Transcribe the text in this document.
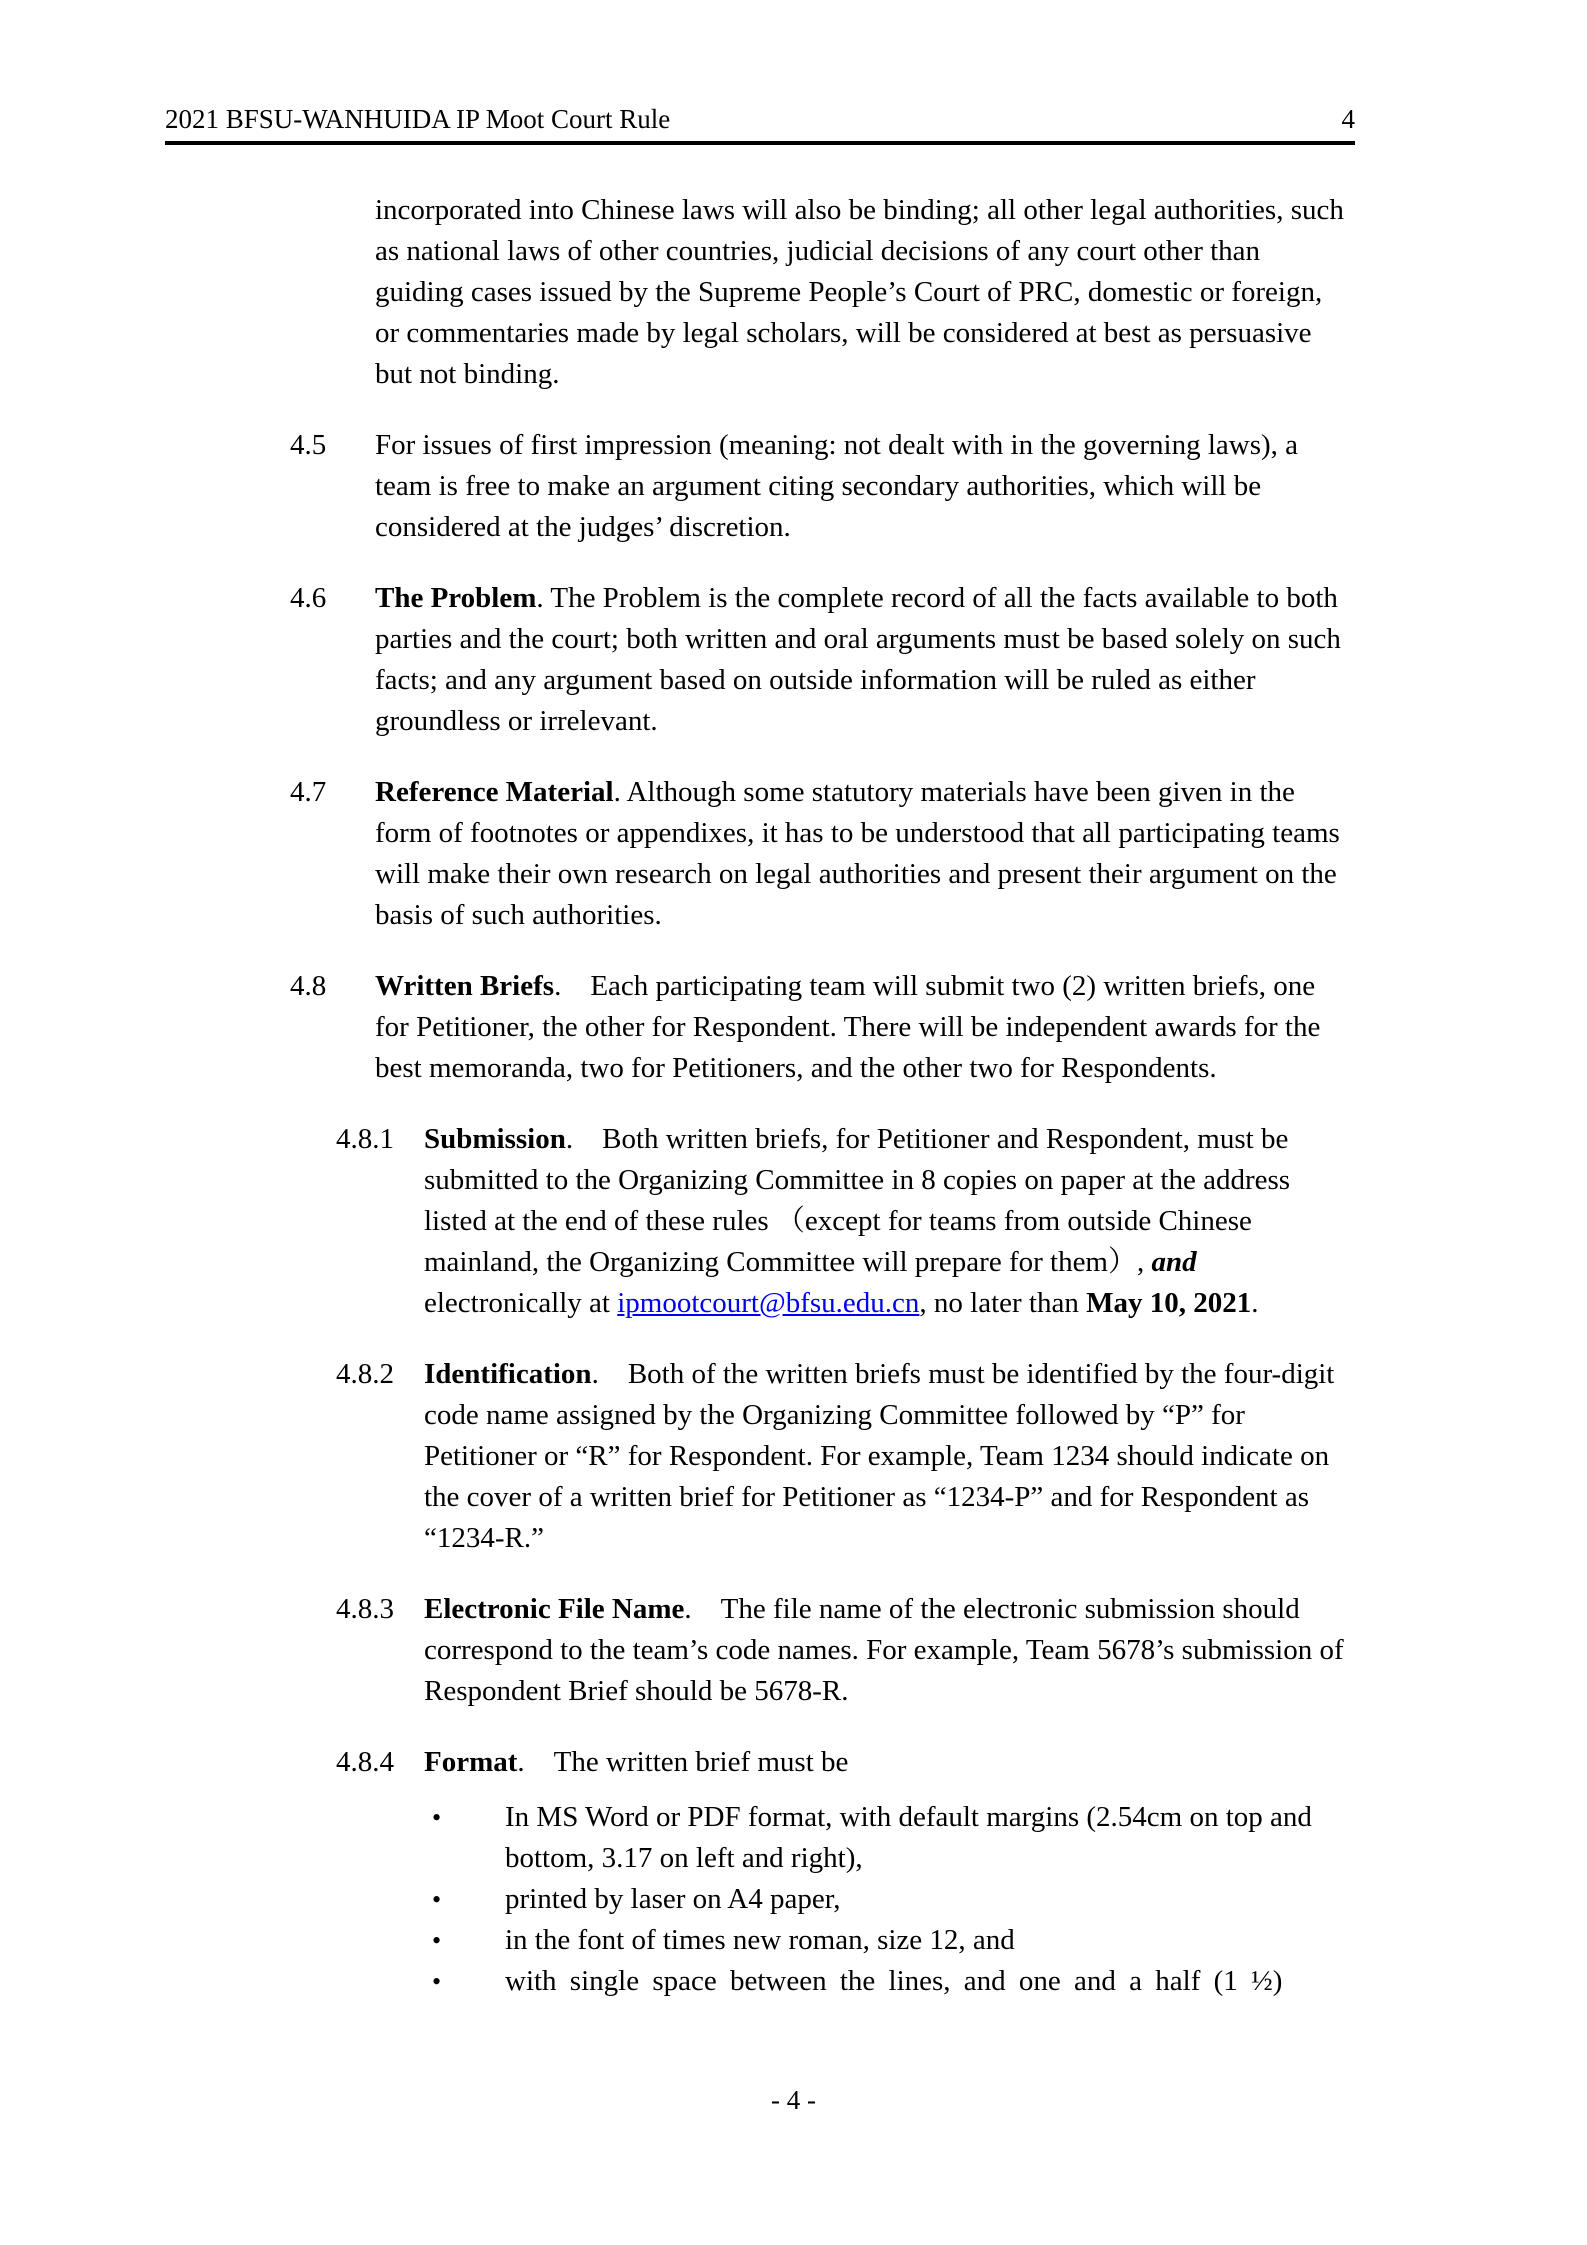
2021 BFSU-WANHUIDA IP Moot Court Rule	4

incorporated into Chinese laws will also be binding; all other legal authorities, such as national laws of other countries, judicial decisions of any court other than guiding cases issued by the Supreme People’s Court of PRC, domestic or foreign, or commentaries made by legal scholars, will be considered at best as persuasive but not binding.

4.5	For issues of first impression (meaning: not dealt with in the governing laws), a team is free to make an argument citing secondary authorities, which will be considered at the judges’ discretion.
4.6	The Problem. The Problem is the complete record of all the facts available to both parties and the court; both written and oral arguments must be based solely on such facts; and any argument based on outside information will be ruled as either groundless or irrelevant.
4.7	Reference Material. Although some statutory materials have been given in the form of footnotes or appendixes, it has to be understood that all participating teams will make their own research on legal authorities and present their argument on the basis of such authorities.
4.8	Written Briefs. Each participating team will submit two (2) written briefs, one for Petitioner, the other for Respondent. There will be independent awards for the best memoranda, two for Petitioners, and the other two for Respondents.
4.8.1	Submission. Both written briefs, for Petitioner and Respondent, must be submitted to the Organizing Committee in 8 copies on paper at the address listed at the end of these rules （except for teams from outside Chinese mainland, the Organizing Committee will prepare for them）, and electronically at ipmootcourt@bfsu.edu.cn, no later than May 10, 2021.
4.8.2	Identification. Both of the written briefs must be identified by the four-digit code name assigned by the Organizing Committee followed by “P” for Petitioner or “R” for Respondent. For example, Team 1234 should indicate on the cover of a written brief for Petitioner as “1234-P” and for Respondent as “1234-R.”
4.8.3	Electronic File Name. The file name of the electronic submission should correspond to the team’s code names. For example, Team 5678’s submission of Respondent Brief should be 5678-R.
4.8.4	Format. The written brief must be
•	In MS Word or PDF format, with default margins (2.54cm on top and bottom, 3.17 on left and right),
•	printed by laser on A4 paper,
•	in the font of times new roman, size 12, and
•	with single space between the lines, and one and a half (1 ½)
- 4 -
